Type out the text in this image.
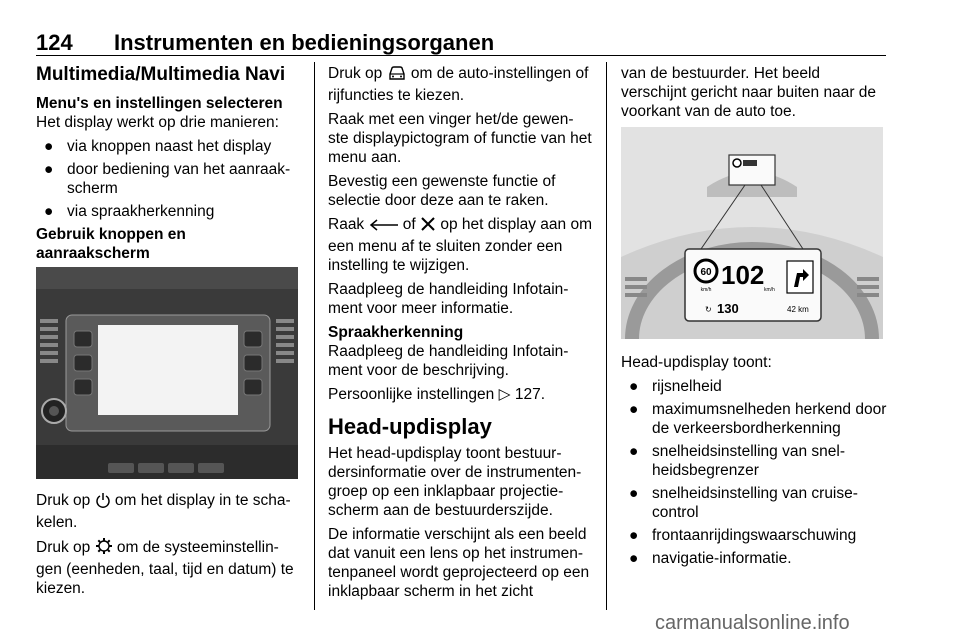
124 Instrumenten en bedieningsorganen
Multimedia/Multimedia Navi
Menu's en instellingen selecteren

Het display werkt op drie manieren:

● via knoppen naast het display
● door bediening van het aanraak-scherm
● via spraakherkenning
Gebruik knoppen en aanraakscherm

Druk op  om het display in te scha-kelen.

Druk op  om de systeeminstellin-gen (eenheden, taal, tijd en datum) te kiezen.

Druk op  om de auto-instellingen of rijfuncties te kiezen.

Raak met een vinger het/de gewen-ste displaypictogram of functie van het menu aan.

Bevestig een gewenste functie of selectie door deze aan te raken.

Raak  of  op het display aan om een menu af te sluiten zonder een instelling te wijzigen.

Raadpleeg de handleiding Infotain-ment voor meer informatie.

Spraakherkenning

Raadpleeg de handleiding Infotain-ment voor de beschrijving.

Persoonlijke instellingen ▷ 127.

Head-updisplay

Het head-updisplay toont bestuur-dersinformatie over de instrumenten-groep op een inklapbaar projectie-scherm aan de bestuurderszijde.

De informatie verschijnt als een beeld dat vanuit een lens op het instrumen-tenpaneel wordt geprojecteerd op een inklapbaar scherm in het zicht

van de bestuurder. Het beeld verschijnt gericht naar buiten naar de voorkant van de auto toe.

60
km/h 102 km/h
↻ 130	42 km

Head-updisplay toont:

● rijsnelheid
● maximumsnelheden herkend door de verkeersbordherkenning
● snelheidsinstelling van snel-heidsbegrenzer
● snelheidsinstelling van cruise-control
● frontaanrijdingswaarschuwing
● navigatie-informatie.
carmanualsonline.info
